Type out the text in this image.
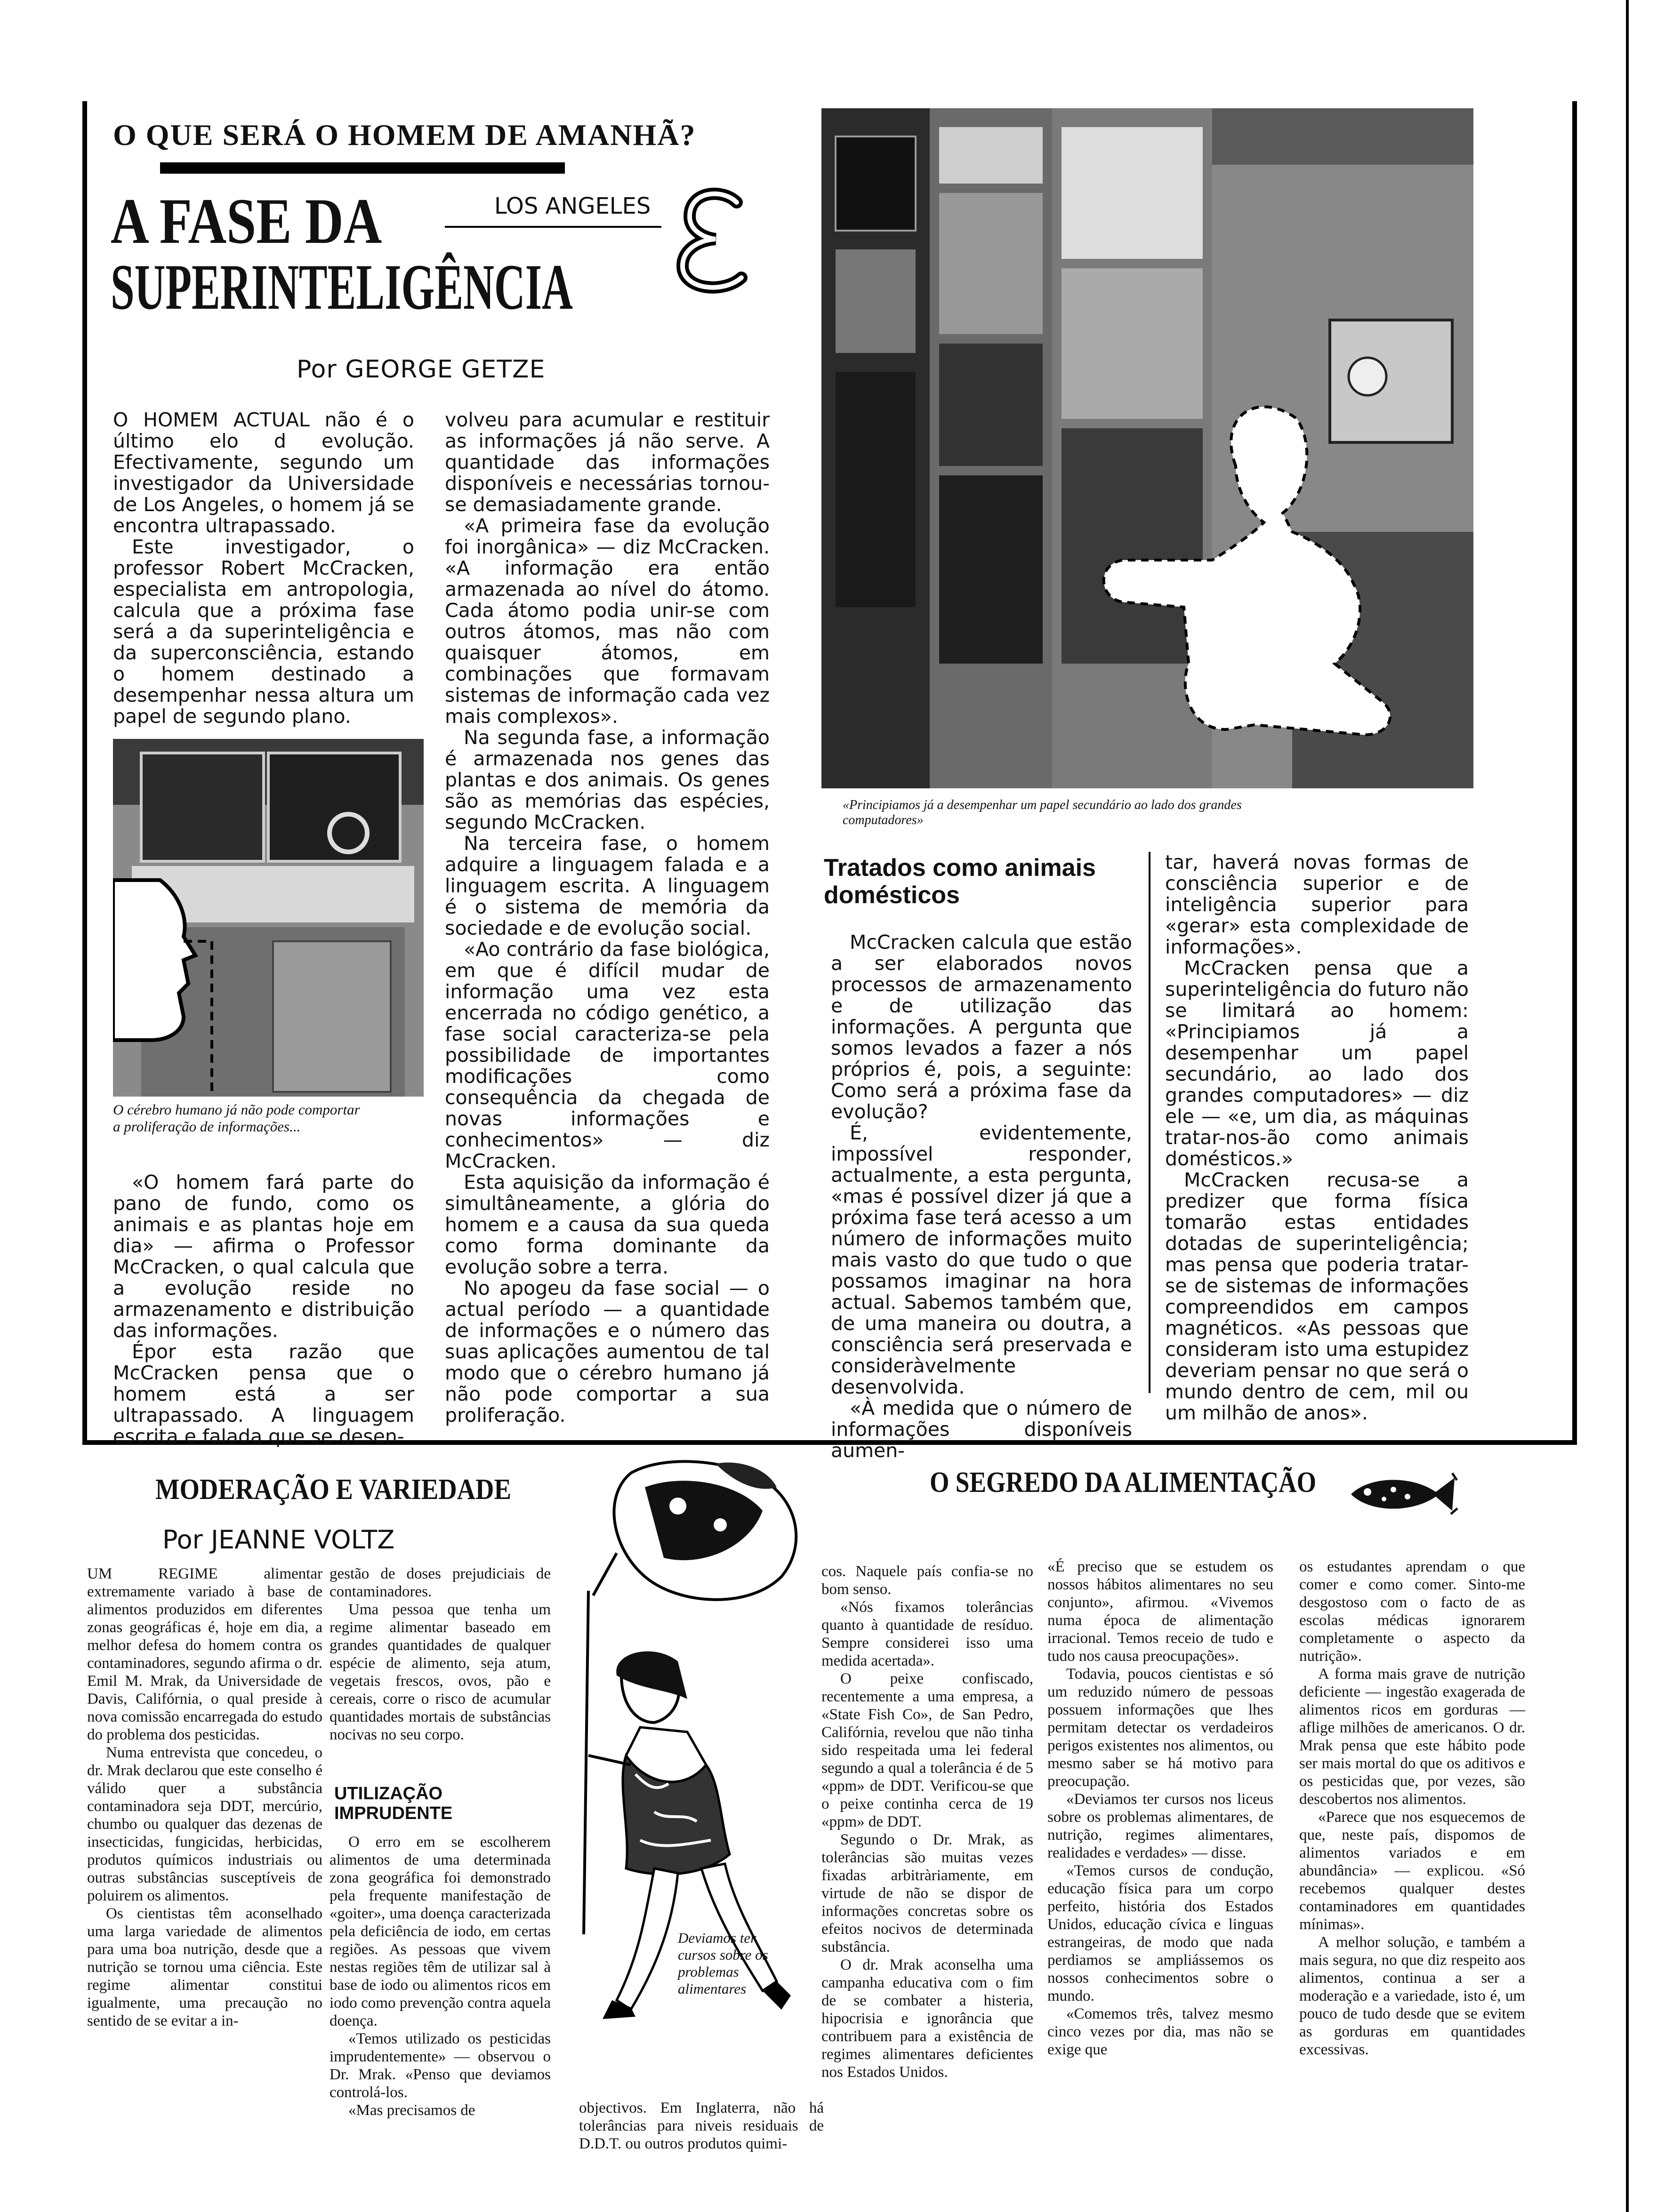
O QUE SERÁ O HOMEM DE AMANHÃ?
A FASE DA
SUPERINTELIGÊNCIA
LOS ANGELES
Por GEORGE GETZE

O HOMEM ACTUAL não é o último elo d evolução. Efectivamente, segundo um investigador da Universidade de Los Angeles, o homem já se encontra ultrapassado.

Este investigador, o professor Robert McCracken, especialista em antropologia, calcula que a próxima fase será a da superinteligência e da superconsciência, estando o homem destinado a desempenhar nessa altura um papel de segundo plano.

O cérebro humano já não pode comportar a proliferação de informações...

«O homem fará parte do pano de fundo, como os animais e as plantas hoje em dia» — afirma o Professor McCracken, o qual calcula que a evolução reside no armazenamento e distribuição das informações.

Épor esta razão que McCracken pensa que o homem está a ser ultrapassado. A linguagem escrita e falada que se desen-

volveu para acumular e restituir as informações já não serve. A quantidade das informações disponíveis e necessárias tornou-se demasiadamente grande.

«A primeira fase da evolução foi inorgânica» — diz McCracken. «A informação era então armazenada ao nível do átomo. Cada átomo podia unir-se com outros átomos, mas não com quaisquer átomos, em combinações que formavam sistemas de informação cada vez mais complexos».

Na segunda fase, a informação é armazenada nos genes das plantas e dos animais. Os genes são as memórias das espécies, segundo McCracken.

Na terceira fase, o homem adquire a linguagem falada e a linguagem escrita. A linguagem é o sistema de memória da sociedade e de evolução social.

«Ao contrário da fase biológica, em que é difícil mudar de informação uma vez esta encerrada no código genético, a fase social caracteriza-se pela possibilidade de importantes modificações como consequência da chegada de novas informações e conhecimentos» — diz McCracken.

Esta aquisição da informação é simultâneamente, a glória do homem e a causa da sua queda como forma dominante da evolução sobre a terra.

No apogeu da fase social — o actual período — a quantidade de informações e o número das suas aplicações aumentou de tal modo que o cérebro humano já não pode comportar a sua proliferação.

«Principiamos já a desempenhar um papel secundário ao lado dos grandes computadores»
Tratados como animais domésticos

McCracken calcula que estão a ser elaborados novos processos de armazenamento e de utilização das informações. A pergunta que somos levados a fazer a nós próprios é, pois, a seguinte: Como será a próxima fase da evolução?

É, evidentemente, impossível responder, actualmente, a esta pergunta, «mas é possível dizer já que a próxima fase terá acesso a um número de informações muito mais vasto do que tudo o que possamos imaginar na hora actual. Sabemos também que, de uma maneira ou doutra, a consciência será preservada e consideràvelmente desenvolvida.

«À medida que o número de informações disponíveis aumen-

tar, haverá novas formas de consciência superior e de inteligência superior para «gerar» esta complexidade de informações».

McCracken pensa que a superinteligência do futuro não se limitará ao homem: «Principiamos já a desempenhar um papel secundário, ao lado dos grandes computadores» — diz ele — «e, um dia, as máquinas tratar-nos-ão como animais domésticos.»

McCracken recusa-se a predizer que forma física tomarão estas entidades dotadas de superinteligência; mas pensa que poderia tratar-se de sistemas de informações compreendidos em campos magnéticos. «As pessoas que consideram isto uma estupidez deveriam pensar no que será o mundo dentro de cem, mil ou um milhão de anos».

MODERAÇÃO E VARIEDADE
Por JEANNE VOLTZ
O SEGREDO DA ALIMENTAÇÃO

UM REGIME alimentar extremamente variado à base de alimentos produzidos em diferentes zonas geográficas é, hoje em dia, a melhor defesa do homem contra os contaminadores, segundo afirma o dr. Emil M. Mrak, da Universidade de Davis, Califórnia, o qual preside à nova comissão encarregada do estudo do problema dos pesticidas.

Numa entrevista que concedeu, o dr. Mrak declarou que este conselho é válido quer a substância contaminadora seja DDT, mercúrio, chumbo ou qualquer das dezenas de insecticidas, fungicidas, herbicidas, produtos químicos industriais ou outras substâncias susceptíveis de poluirem os alimentos.

Os cientistas têm aconselhado uma larga variedade de alimentos para uma boa nutrição, desde que a nutrição se tornou uma ciência. Este regime alimentar constitui igualmente, uma precaução no sentido de se evitar a in-

gestão de doses prejudiciais de contaminadores.

Uma pessoa que tenha um regime alimentar baseado em grandes quantidades de qualquer espécie de alimento, seja atum, vegetais frescos, ovos, pão e cereais, corre o risco de acumular quantidades mortais de substâncias nocivas no seu corpo.

UTILIZAÇÃO IMPRUDENTE

O erro em se escolherem alimentos de uma determinada zona geográfica foi demonstrado pela frequente manifestação de «goiter», uma doença caracterizada pela deficiência de iodo, em certas regiões. As pessoas que vivem nestas regiões têm de utilizar sal à base de iodo ou alimentos ricos em iodo como prevenção contra aquela doença.

«Temos utilizado os pesticidas imprudentemente» — observou o Dr. Mrak. «Penso que deviamos controlá-los.

«Mas precisamos de

Deviamos ter cursos sobre os problemas alimentares

objectivos. Em Inglaterra, não há tolerâncias para niveis residuais de D.D.T. ou outros produtos quimi-

cos. Naquele país confia-se no bom senso.

«Nós fixamos tolerâncias quanto à quantidade de resíduo. Sempre considerei isso uma medida acertada».

O peixe confiscado, recentemente a uma empresa, a «State Fish Co», de San Pedro, Califórnia, revelou que não tinha sido respeitada uma lei federal segundo a qual a tolerância é de 5 «ppm» de DDT. Verificou-se que o peixe continha cerca de 19 «ppm» de DDT.

Segundo o Dr. Mrak, as tolerâncias são muitas vezes fixadas arbitràriamente, em virtude de não se dispor de informações concretas sobre os efeitos nocivos de determinada substância.

O dr. Mrak aconselha uma campanha educativa com o fim de se combater a histeria, hipocrisia e ignorância que contribuem para a existência de regimes alimentares deficientes nos Estados Unidos.

«É preciso que se estudem os nossos hábitos alimentares no seu conjunto», afirmou. «Vivemos numa época de alimentação irracional. Temos receio de tudo e tudo nos causa preocupações».

Todavia, poucos cientistas e só um reduzido número de pessoas possuem informações que lhes permitam detectar os verdadeiros perigos existentes nos alimentos, ou mesmo saber se há motivo para preocupação.

«Deviamos ter cursos nos liceus sobre os problemas alimentares, de nutrição, regimes alimentares, realidades e verdades» — disse.

«Temos cursos de condução, educação física para um corpo perfeito, história dos Estados Unidos, educação cívica e linguas estrangeiras, de modo que nada perdiamos se ampliássemos os nossos conhecimentos sobre o mundo.

«Comemos três, talvez mesmo cinco vezes por dia, mas não se exige que

os estudantes aprendam o que comer e como comer. Sinto-me desgostoso com o facto de as escolas médicas ignorarem completamente o aspecto da nutrição».

A forma mais grave de nutrição deficiente — ingestão exagerada de alimentos ricos em gorduras — aflige milhões de americanos. O dr. Mrak pensa que este hábito pode ser mais mortal do que os aditivos e os pesticidas que, por vezes, são descobertos nos alimentos.

«Parece que nos esquecemos de que, neste país, dispomos de alimentos variados e em abundância» — explicou. «Só recebemos qualquer destes contaminadores em quantidades mínimas».

A melhor solução, e também a mais segura, no que diz respeito aos alimentos, continua a ser a moderação e a variedade, isto é, um pouco de tudo desde que se evitem as gorduras em quantidades excessivas.
